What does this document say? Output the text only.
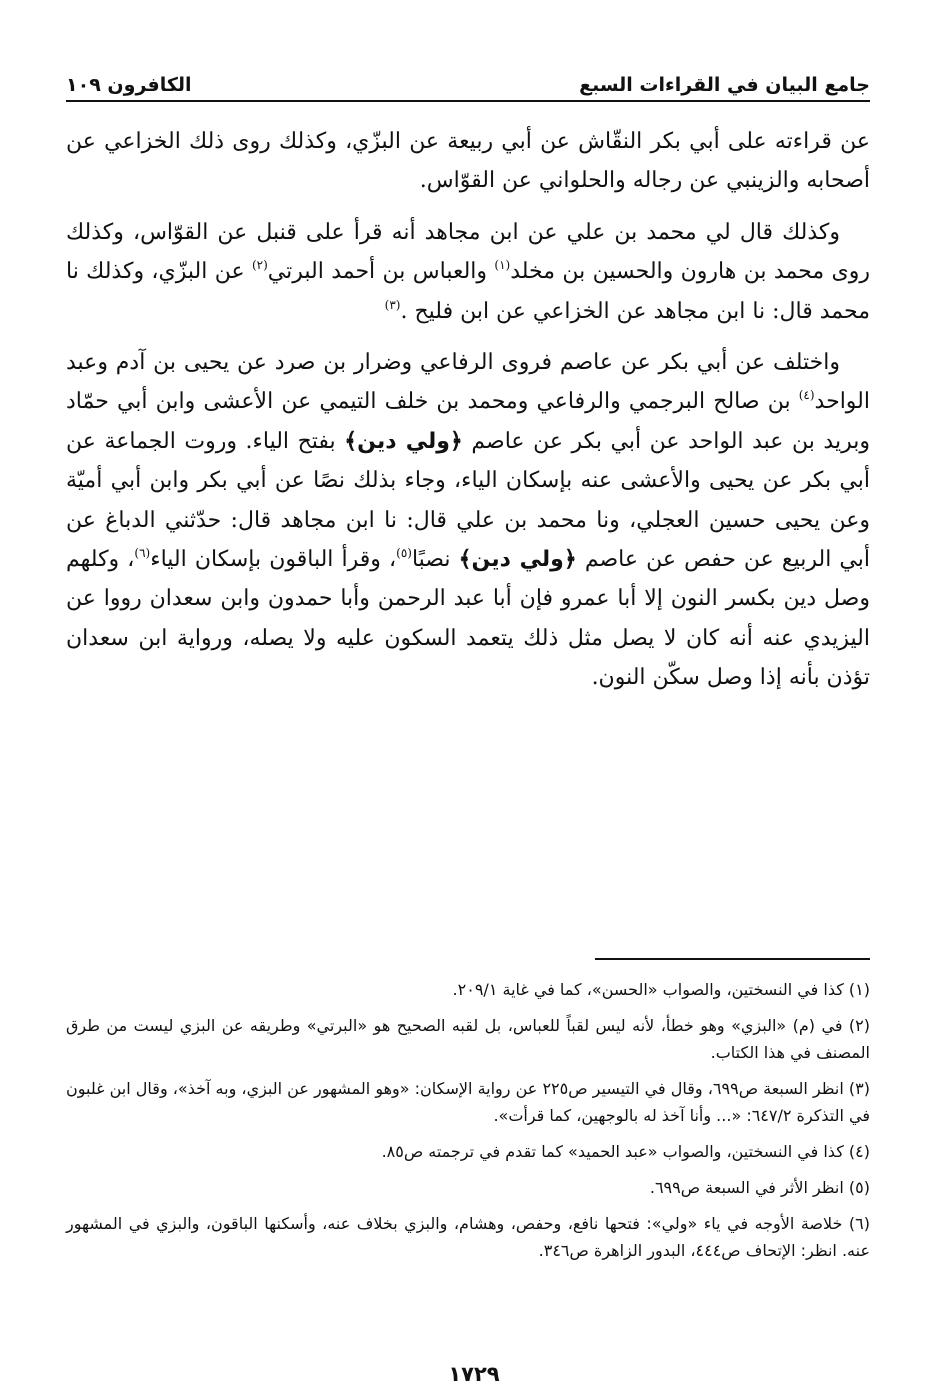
جامع البيان في القراءات السبع
الكافرون ١٠٩

عن قراءته على أبي بكر النقّاش عن أبي ربيعة عن البزّي، وكذلك روى ذلك الخزاعي عن أصحابه والزينبي عن رجاله والحلواني عن القوّاس.

وكذلك قال لي محمد بن علي عن ابن مجاهد أنه قرأ على قنبل عن القوّاس، وكذلك روى محمد بن هارون والحسين بن مخلد$^{(١)}$ والعباس بن أحمد البرتي$^{(٢)}$ عن البزّي، وكذلك نا محمد قال: نا ابن مجاهد عن الخزاعي عن ابن فليح .$^{(٣)}$

واختلف عن أبي بكر عن عاصم فروى الرفاعي وضرار بن صرد عن يحيى بن آدم وعبد الواحد$^{(٤)}$ بن صالح البرجمي والرفاعي ومحمد بن خلف التيمي عن الأعشى وابن أبي حمّاد وبريد بن عبد الواحد عن أبي بكر عن عاصم ﴿ولي دين﴾ بفتح الياء. وروت الجماعة عن أبي بكر عن يحيى والأعشى عنه بإسكان الياء، وجاء بذلك نصًا عن أبي بكر وابن أبي أميّة وعن يحيى حسين العجلي، ونا محمد بن علي قال: نا ابن مجاهد قال: حدّثني الدباغ عن أبي الربيع عن حفص عن عاصم ﴿ولي دين﴾ نصبًا$^{(٥)}$، وقرأ الباقون بإسكان الياء$^{(٦)}$، وكلهم وصل دين بكسر النون إلا أبا عمرو فإن أبا عبد الرحمن وأبا حمدون وابن سعدان رووا عن اليزيدي عنه أنه كان لا يصل مثل ذلك يتعمد السكون عليه ولا يصله، ورواية ابن سعدان تؤذن بأنه إذا وصل سكّن النون.

(١) كذا في النسختين، والصواب «الحسن»، كما في غاية ٢٠٩/١.

(٢) في (م) «البزي» وهو خطأ، لأنه ليس لقباً للعباس، بل لقبه الصحيح هو «البرتي» وطريقه عن البزي ليست من طرق المصنف في هذا الكتاب.

(٣) انظر السبعة ص٦٩٩، وقال في التيسير ص٢٢٥ عن رواية الإسكان: «وهو المشهور عن البزي، وبه آخذ»، وقال ابن غلبون في التذكرة ٦٤٧/٢: «... وأنا آخذ له بالوجهين، كما قرأت».

(٤) كذا في النسختين، والصواب «عبد الحميد» كما تقدم في ترجمته ص٨٥.

(٥) انظر الأثر في السبعة ص٦٩٩.

(٦) خلاصة الأوجه في ياء «ولي»: فتحها نافع، وحفص، وهشام، والبزي بخلاف عنه، وأسكنها الباقون، والبزي في المشهور عنه. انظر: الإتحاف ص٤٤٤، البدور الزاهرة ص٣٤٦.

١٧٢٩
